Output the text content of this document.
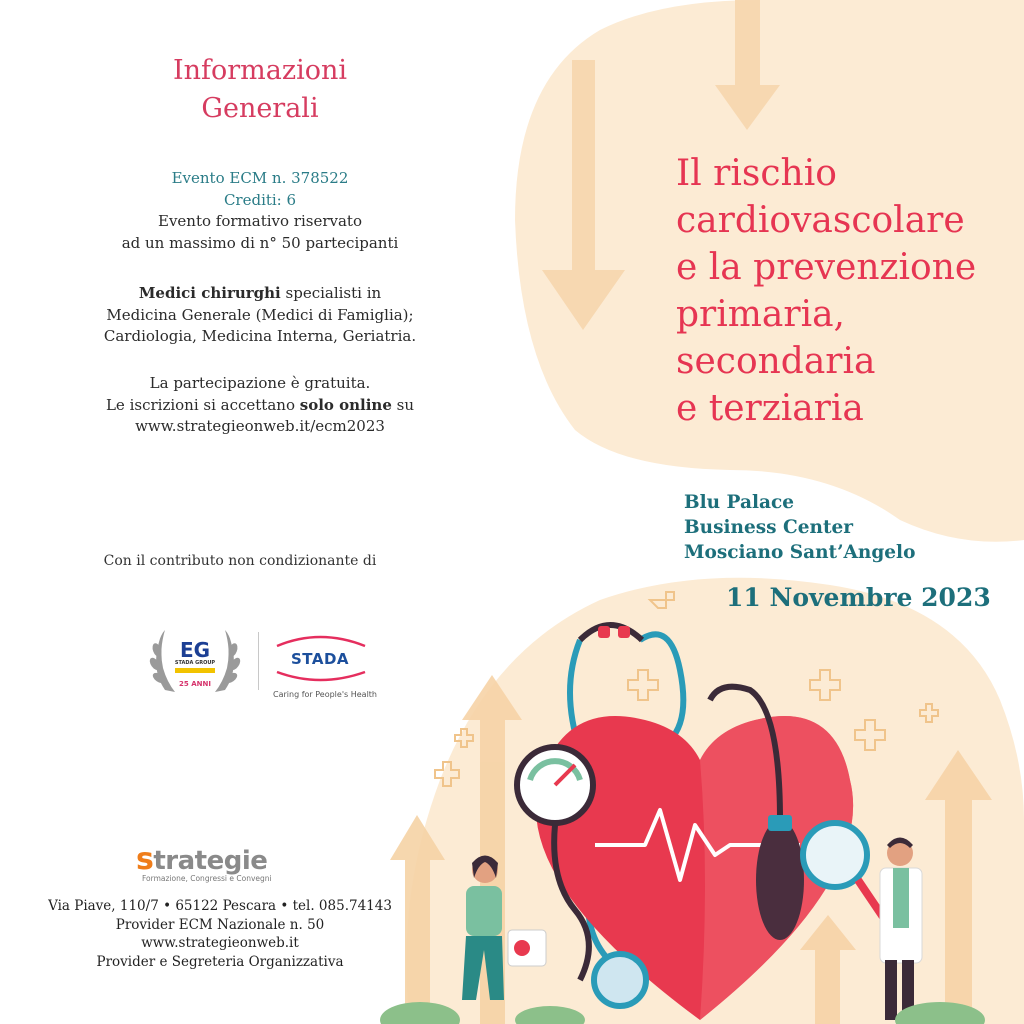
Informazioni
Generali
Evento ECM n. 378522
Crediti: 6
Evento formativo riservato
ad un massimo di n° 50 partecipanti
Medici chirurghi specialisti in
Medicina Generale (Medici di Famiglia);
Cardiologia, Medicina Interna, Geriatria.
La partecipazione è gratuita.
Le iscrizioni si accettano solo online su
www.strategieonweb.it/ecm2023
Con il contributo non condizionante di
EG
STADA GROUP
25 ANNI
STADA
Caring for People's Health
strategie
Formazione, Congressi e Convegni
Via Piave, 110/7 • 65122 Pescara • tel. 085.74143
Provider ECM Nazionale n. 50
www.strategieonweb.it
Provider e Segreteria Organizzativa
Il rischio
cardiovascolare
e la prevenzione
primaria,
secondaria
e terziaria
Blu Palace
Business Center
Mosciano Sant’Angelo
11 Novembre 2023
